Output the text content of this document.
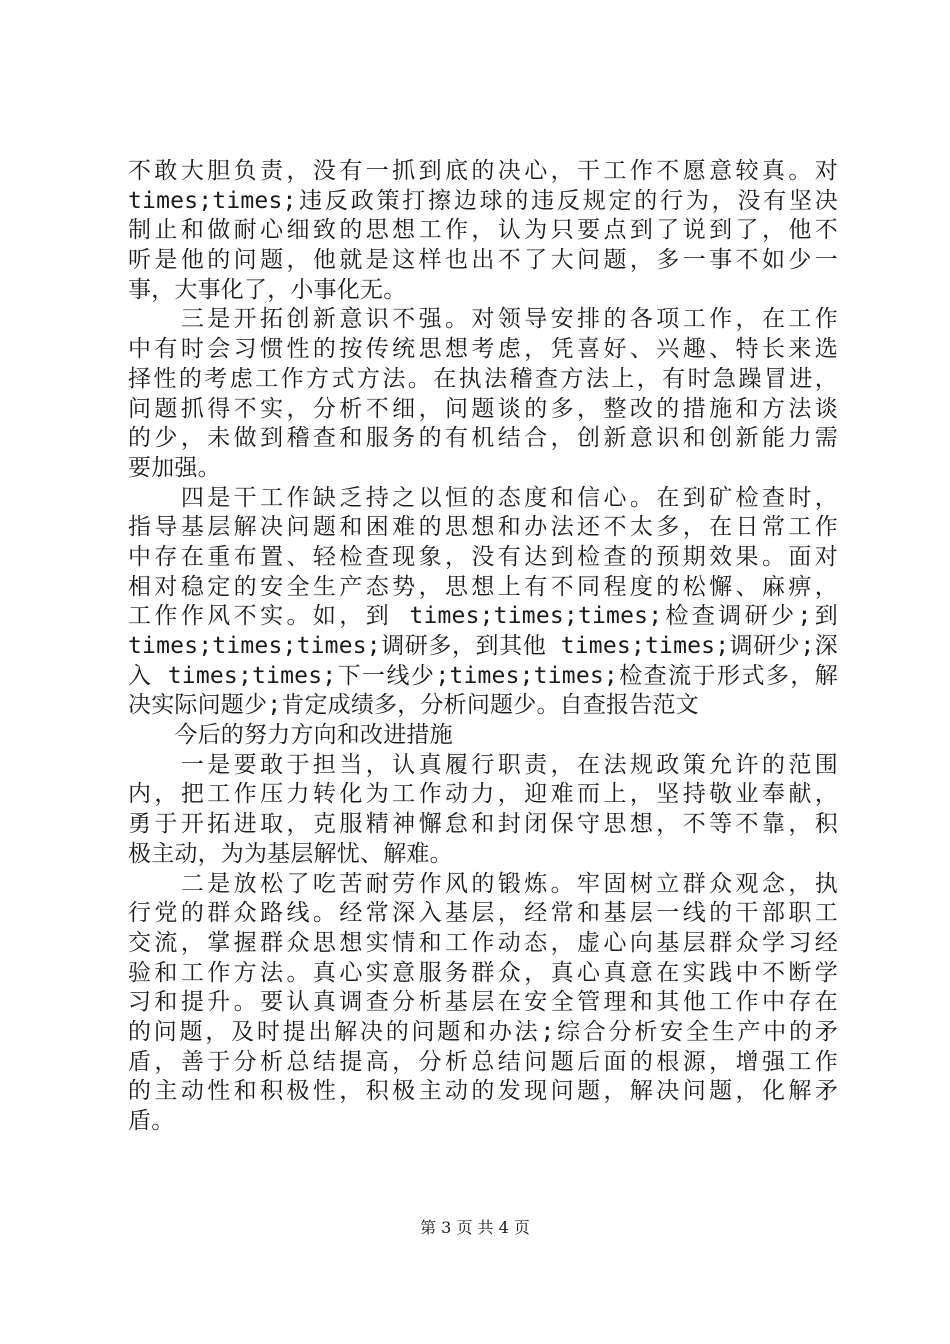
不敢大胆负责，没有一抓到底的决心，干工作不愿意较真。对
times;times;违反政策打擦边球的违反规定的行为，没有坚决
制止和做耐心细致的思想工作，认为只要点到了说到了，他不
听是他的问题，他就是这样也出不了大问题，多一事不如少一
事，大事化了，小事化无。
　　三是开拓创新意识不强。对领导安排的各项工作，在工作
中有时会习惯性的按传统思想考虑，凭喜好、兴趣、特长来选
择性的考虑工作方式方法。在执法稽查方法上，有时急躁冒进，
问题抓得不实，分析不细，问题谈的多，整改的措施和方法谈
的少，未做到稽查和服务的有机结合，创新意识和创新能力需
要加强。
　　四是干工作缺乏持之以恒的态度和信心。在到矿检查时，
指导基层解决问题和困难的思想和办法还不太多，在日常工作
中存在重布置、轻检查现象，没有达到检查的预期效果。面对
相对稳定的安全生产态势，思想上有不同程度的松懈、麻痹，
工作作风不实。如，到 times;times;times;检查调研少;到
times;times;times;调研多，到其他 times;times;调研少;深
入 times;times;下一线少;times;times;检查流于形式多，解
决实际问题少;肯定成绩多，分析问题少。自查报告范文
　　今后的努力方向和改进措施
　　一是要敢于担当，认真履行职责，在法规政策允许的范围
内，把工作压力转化为工作动力，迎难而上，坚持敬业奉献，
勇于开拓进取，克服精神懈怠和封闭保守思想，不等不靠，积
极主动，为为基层解忧、解难。
　　二是放松了吃苦耐劳作风的锻炼。牢固树立群众观念，执
行党的群众路线。经常深入基层，经常和基层一线的干部职工
交流，掌握群众思想实情和工作动态，虚心向基层群众学习经
验和工作方法。真心实意服务群众，真心真意在实践中不断学
习和提升。要认真调查分析基层在安全管理和其他工作中存在
的问题，及时提出解决的问题和办法;综合分析安全生产中的矛
盾，善于分析总结提高，分析总结问题后面的根源，增强工作
的主动性和积极性，积极主动的发现问题，解决问题，化解矛
盾。
第 3 页 共 4 页
